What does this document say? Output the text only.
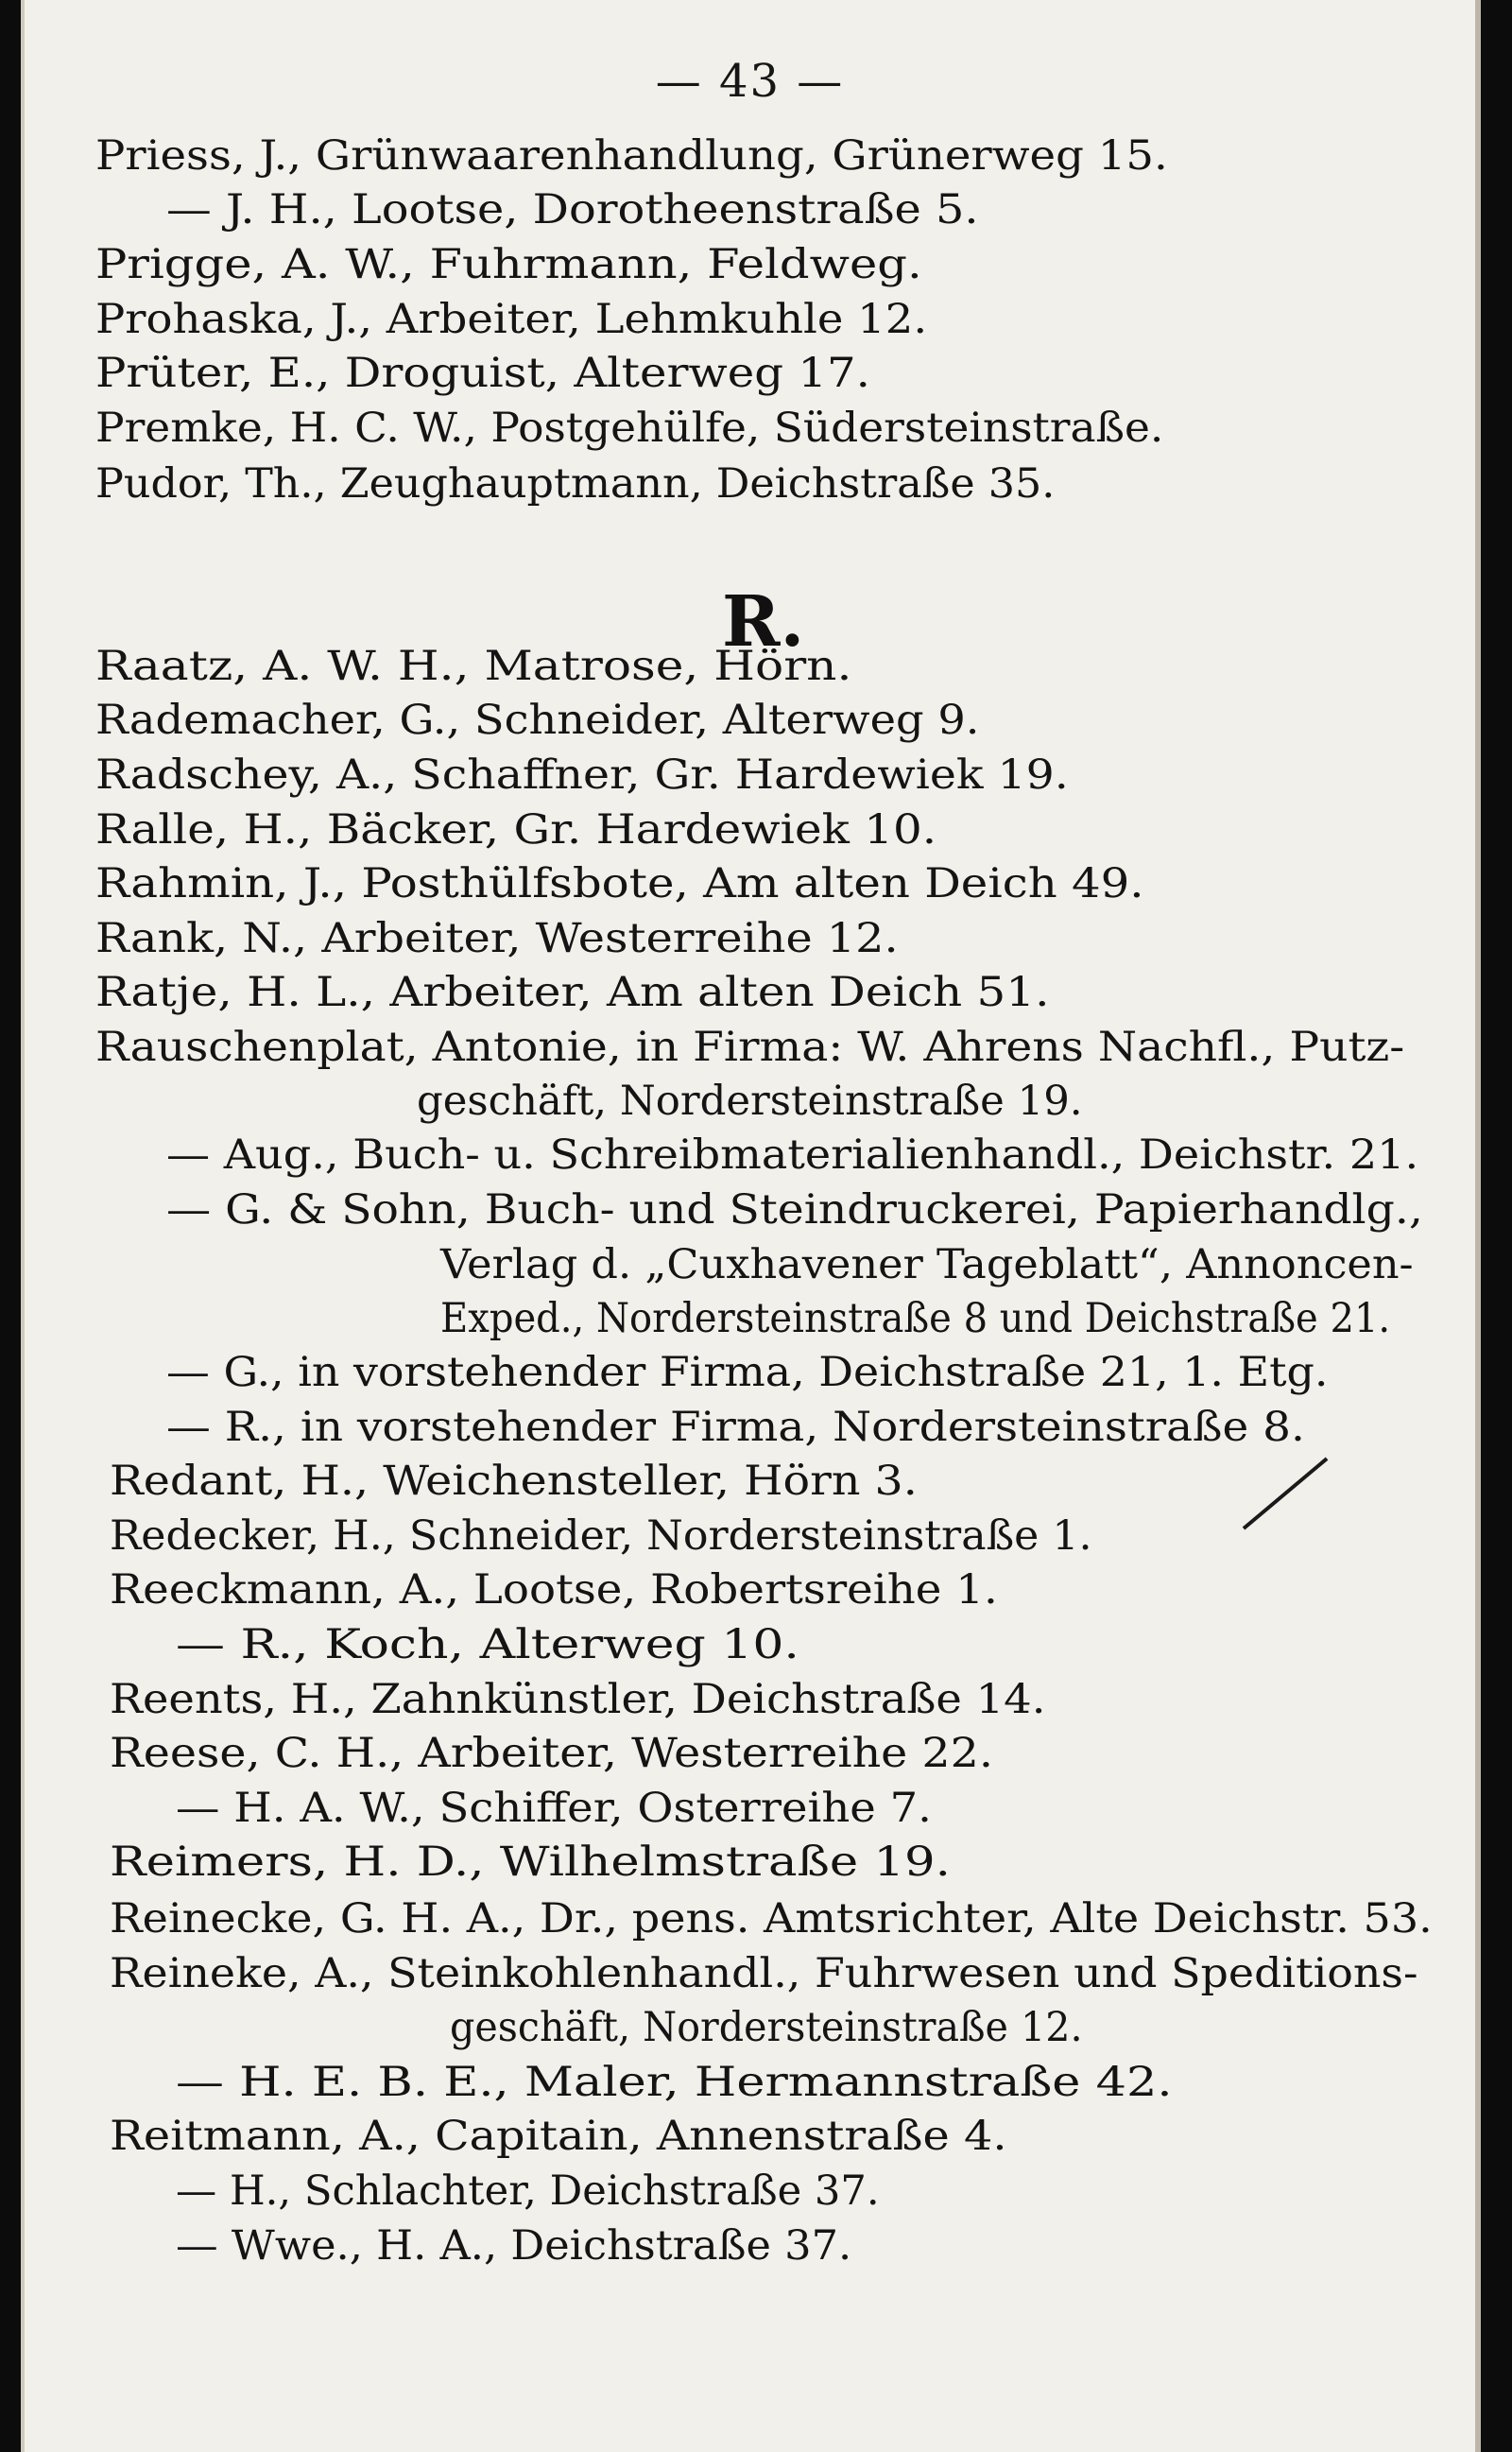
— 43 —
Priess, J., Grünwaarenhandlung, Grünerweg 15.
— J. H., Lootse, Dorotheenstraße 5.
Prigge, A. W., Fuhrmann, Feldweg.
Prohaska, J., Arbeiter, Lehmkuhle 12.
Prüter, E., Droguist, Alterweg 17.
Premke, H. C. W., Postgehülfe, Südersteinstraße.
Pudor, Th., Zeughauptmann, Deichstraße 35.
R.
Raatz, A. W. H., Matrose, Hörn.
Rademacher, G., Schneider, Alterweg 9.
Radschey, A., Schaffner, Gr. Hardewiek 19.
Ralle, H., Bäcker, Gr. Hardewiek 10.
Rahmin, J., Posthülfsbote, Am alten Deich 49.
Rank, N., Arbeiter, Westerreihe 12.
Ratje, H. L., Arbeiter, Am alten Deich 51.
Rauschenplat, Antonie, in Firma: W. Ahrens Nachfl., Putz-
geschäft, Nordersteinstraße 19.
— Aug., Buch- u. Schreibmaterialienhandl., Deichstr. 21.
— G. & Sohn, Buch- und Steindruckerei, Papierhandlg.,
Verlag d. „Cuxhavener Tageblatt“, Annoncen-
Exped., Nordersteinstraße 8 und Deichstraße 21.
— G., in vorstehender Firma, Deichstraße 21, 1. Etg.
— R., in vorstehender Firma, Nordersteinstraße 8.
Redant, H., Weichensteller, Hörn 3.
Redecker, H., Schneider, Nordersteinstraße 1.
Reeckmann, A., Lootse, Robertsreihe 1.
— R., Koch, Alterweg 10.
Reents, H., Zahnkünstler, Deichstraße 14.
Reese, C. H., Arbeiter, Westerreihe 22.
— H. A. W., Schiffer, Osterreihe 7.
Reimers, H. D., Wilhelmstraße 19.
Reinecke, G. H. A., Dr., pens. Amtsrichter, Alte Deichstr. 53.
Reineke, A., Steinkohlenhandl., Fuhrwesen und Speditions-
geschäft, Nordersteinstraße 12.
— H. E. B. E., Maler, Hermannstraße 42.
Reitmann, A., Capitain, Annenstraße 4.
— H., Schlachter, Deichstraße 37.
— Wwe., H. A., Deichstraße 37.
